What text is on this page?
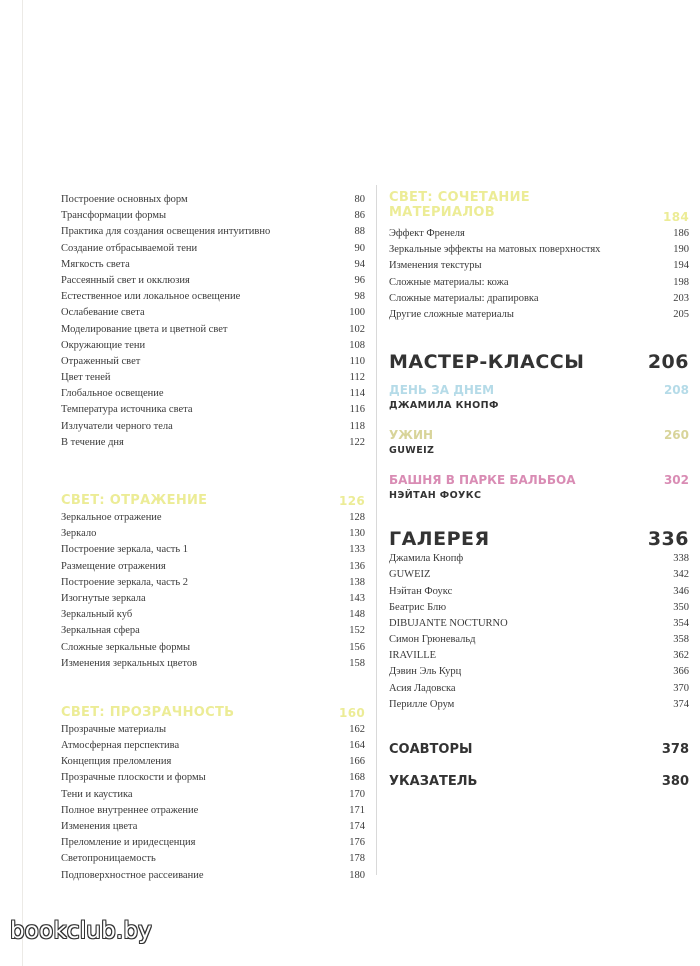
Построение основных форм	80
Трансформации формы	86
Практика для создания освещения интуитивно	88
Создание отбрасываемой тени	90
Мягкость света	94
Рассеянный свет и окклюзия	96
Естественное или локальное освещение	98
Ослабевание света	100
Моделирование цвета и цветной свет	102
Окружающие тени	108
Отраженный свет	110
Цвет теней	112
Глобальное освещение	114
Температура источника света	116
Излучатели черного тела	118
В течение дня	122
СВЕТ: ОТРАЖЕНИЕ	126
Зеркальное отражение	128
Зеркало	130
Построение зеркала, часть 1	133
Размещение отражения	136
Построение зеркала, часть 2	138
Изогнутые зеркала	143
Зеркальный куб	148
Зеркальная сфера	152
Сложные зеркальные формы	156
Изменения зеркальных цветов	158
СВЕТ: ПРОЗРАЧНОСТЬ	160
Прозрачные материалы	162
Атмосферная перспектива	164
Концепция преломления	166
Прозрачные плоскости и формы	168
Тени и каустика	170
Полное внутреннее отражение	171
Изменения цвета	174
Преломление и иридесценция	176
Светопроницаемость	178
Подповерхностное рассеивание	180
СВЕТ: СОЧЕТАНИЕ МАТЕРИАЛОВ	184
Эффект Френеля	186
Зеркальные эффекты на матовых поверхностях	190
Изменения текстуры	194
Сложные материалы: кожа	198
Сложные материалы: драпировка	203
Другие сложные материалы	205
МАСТЕР-КЛАССЫ	206
ДЕНЬ ЗА ДНЕМ	208
ДЖАМИЛА КНОПФ
УЖИН	260
GUWEIZ
БАШНЯ В ПАРКЕ БАЛЬБОА	302
НЭЙТАН ФОУКС
ГАЛЕРЕЯ	336
Джамила Кнопф	338
GUWEIZ	342
Нэйтан Фоукс	346
Беатрис Блю	350
DIBUJANTE NOCTURNO	354
Симон Грюневальд	358
IRAVILLE	362
Дэвин Эль Курц	366
Асия Ладовска	370
Перилле Орум	374
СОАВТОРЫ	378
УКАЗАТЕЛЬ	380
bookclub.by
